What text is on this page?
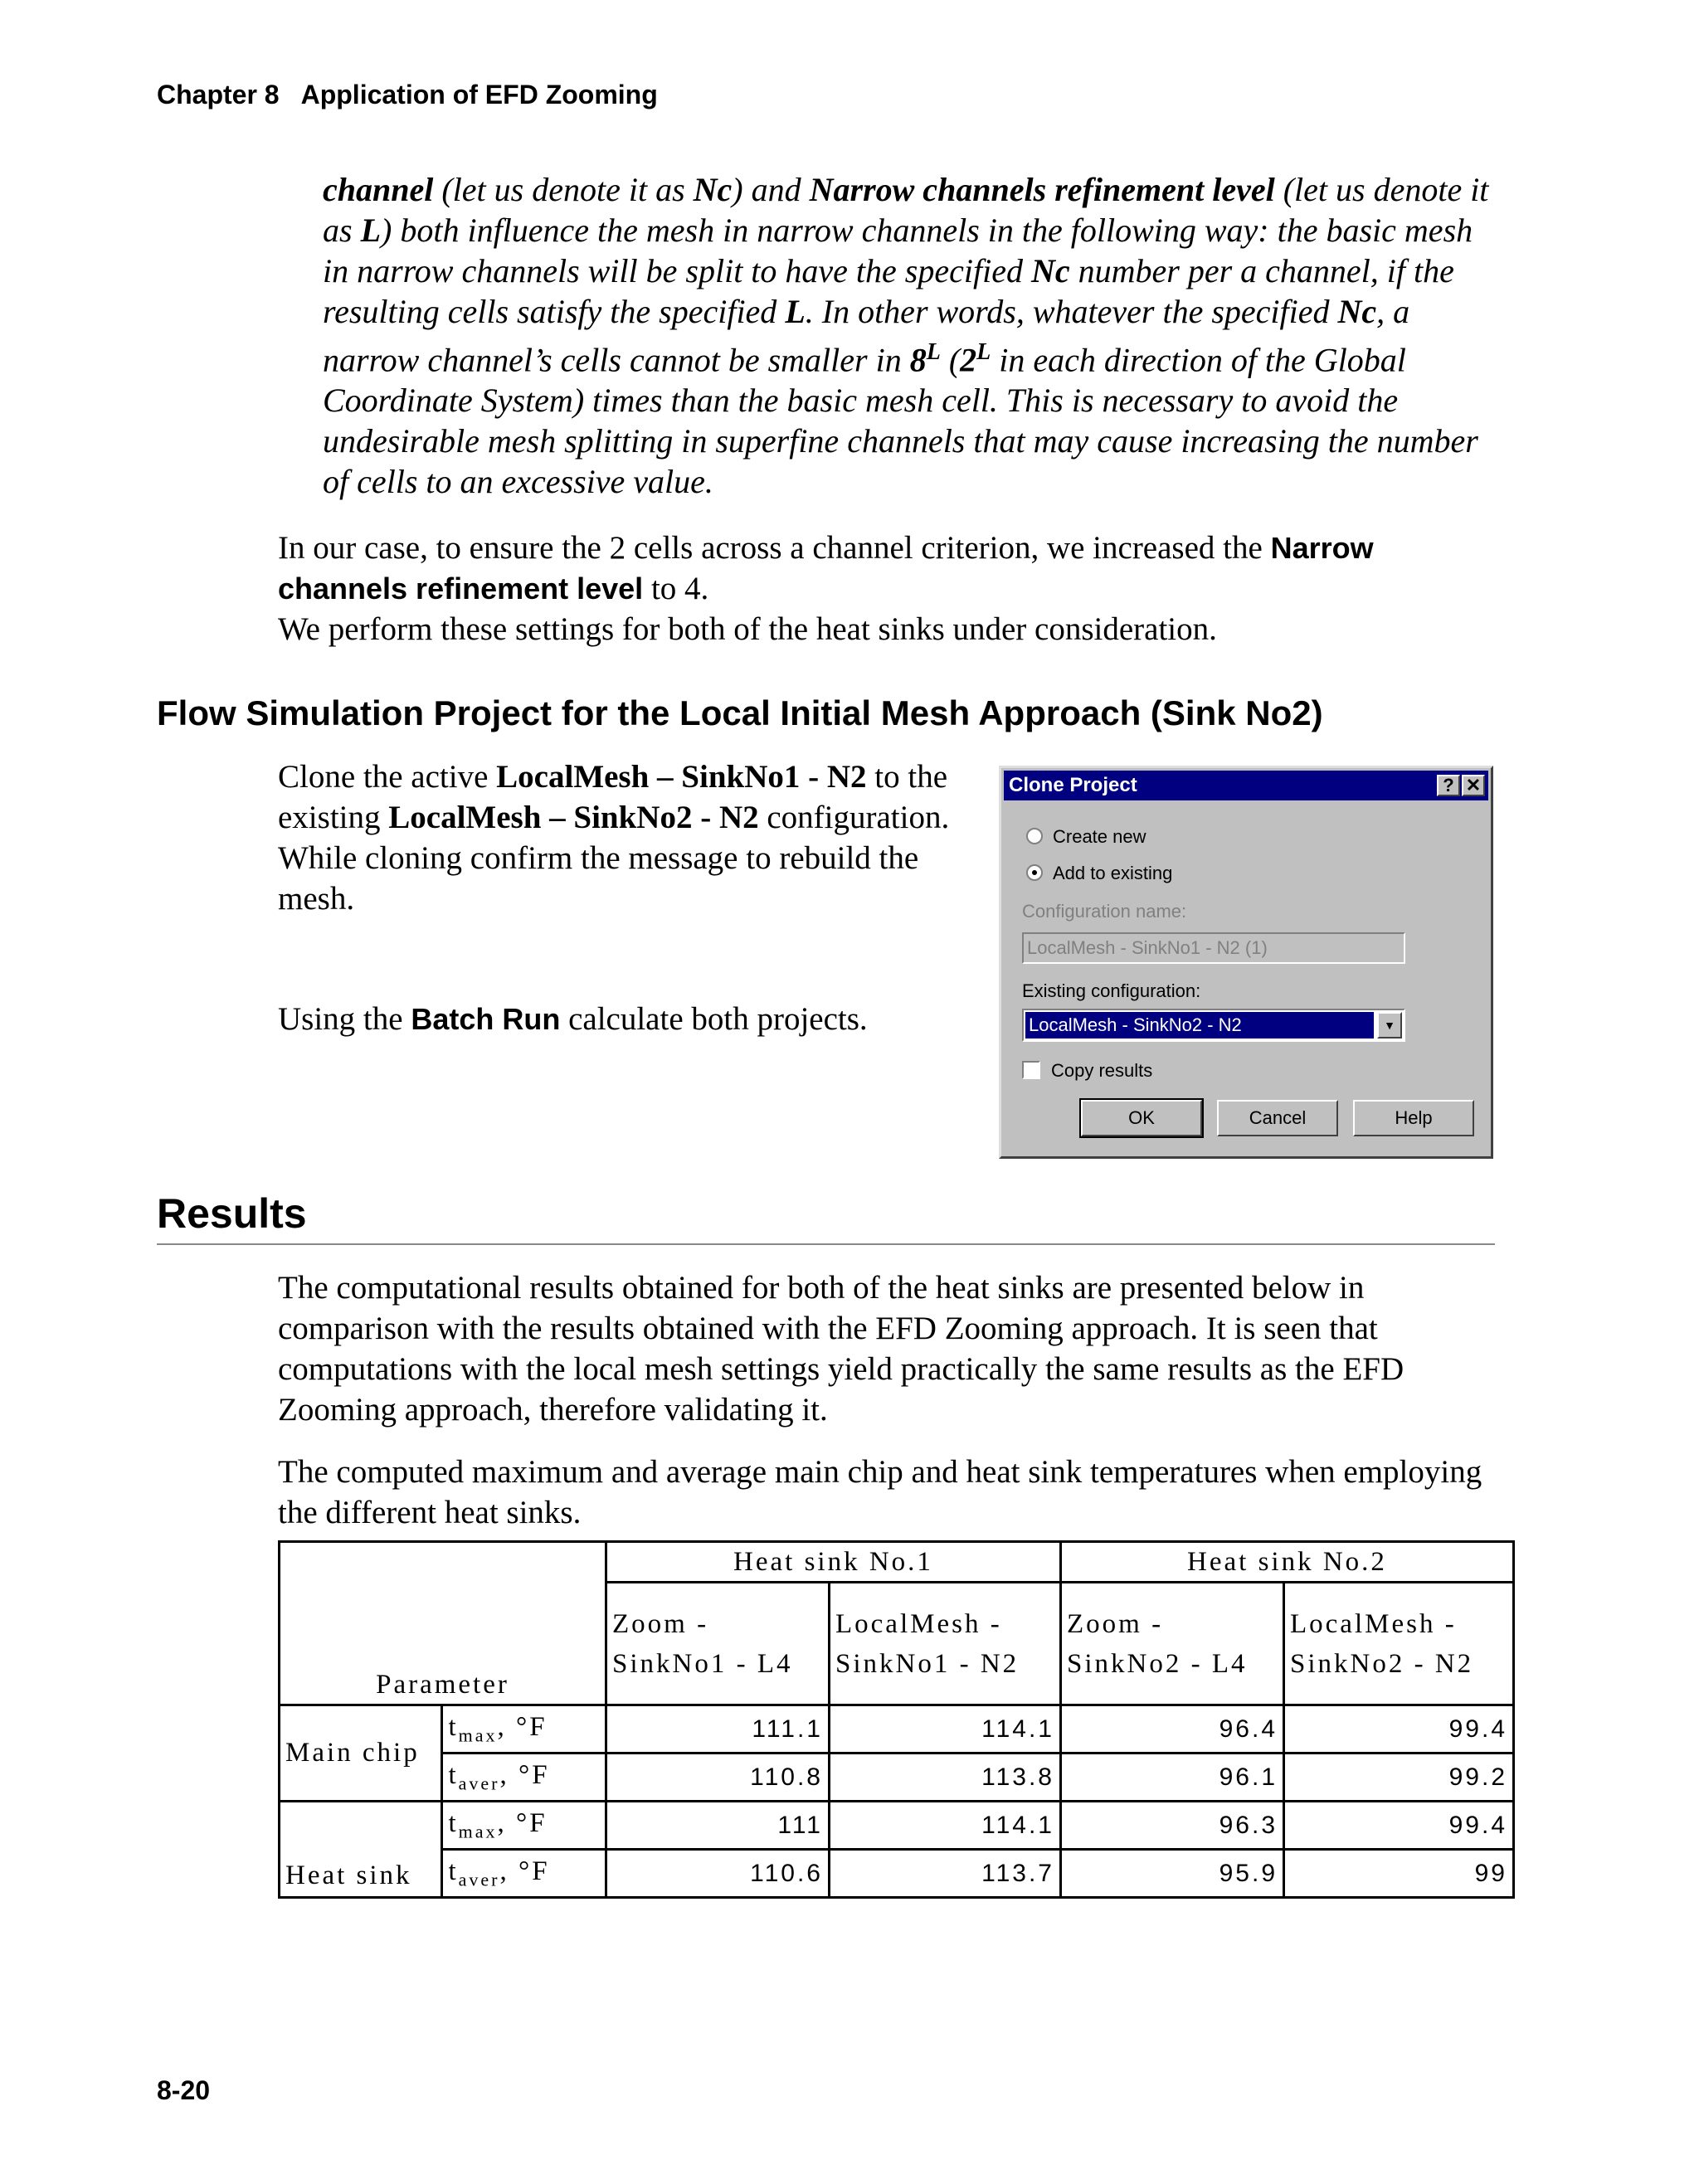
Chapter 8 Application of EFD Zooming
channel (let us denote it as Nc) and Narrow channels refinement level (let us denote it as L) both influence the mesh in narrow channels in the following way: the basic mesh in narrow channels will be split to have the specified Nc number per a channel, if the resulting cells satisfy the specified L. In other words, whatever the specified Nc, a narrow channel’s cells cannot be smaller in $8^L$ ($2^L$ in each direction of the Global Coordinate System) times than the basic mesh cell. This is necessary to avoid the undesirable mesh splitting in superfine channels that may cause increasing the number of cells to an excessive value.
In our case, to ensure the 2 cells across a channel criterion, we increased the Narrow channels refinement level to 4.
We perform these settings for both of the heat sinks under consideration.
Flow Simulation Project for the Local Initial Mesh Approach (Sink No2)
Clone the active LocalMesh – SinkNo1 - N2 to the existing LocalMesh – SinkNo2 - N2 configuration. While cloning confirm the message to rebuild the mesh.
Using the Batch Run calculate both projects.
Clone Project	? ✕
Create new
Add to existing
Configuration name:
LocalMesh - SinkNo1 - N2 (1)
Existing configuration:
LocalMesh - SinkNo2 - N2	▼
Copy results
OK	Cancel	Help
Results
The computational results obtained for both of the heat sinks are presented below in comparison with the results obtained with the EFD Zooming approach. It is seen that computations with the local mesh settings yield practically the same results as the EFD Zooming approach, therefore validating it.
The computed maximum and average main chip and heat sink temperatures when employing the different heat sinks.
Parameter		Heat sink No.1		Heat sink No.2	
		Zoom - SinkNo1 - L4	LocalMesh - SinkNo1 - N2	Zoom - SinkNo2 - L4	LocalMesh - SinkNo2 - N2
Main chip	$t_{max}$, °F	111.1	114.1	96.4	99.4
	$t_{aver}$, °F	110.8	113.8	96.1	99.2
Heat sink	$t_{max}$, °F	111	114.1	96.3	99.4
	$t_{aver}$, °F	110.6	113.7	95.9	99
8-20
